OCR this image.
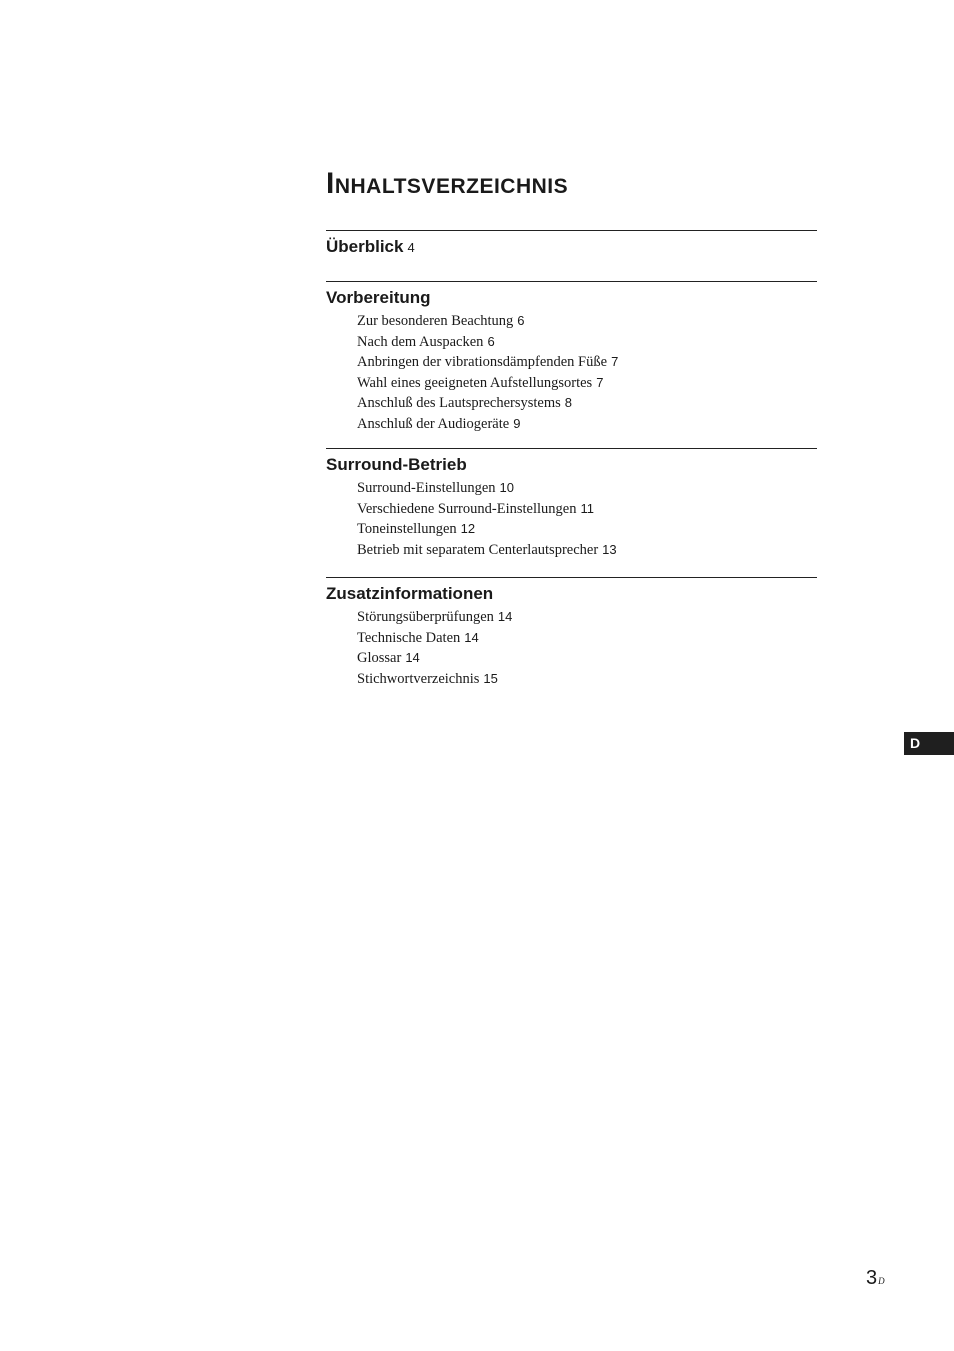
Inhaltsverzeichnis
Überblick 4
Vorbereitung
Zur besonderen Beachtung 6
Nach dem Auspacken 6
Anbringen der vibrationsdämpfenden Füße 7
Wahl eines geeigneten Aufstellungsortes 7
Anschluß des Lautsprechersystems 8
Anschluß der Audiogeräte 9
Surround-Betrieb
Surround-Einstellungen 10
Verschiedene Surround-Einstellungen 11
Toneinstellungen 12
Betrieb mit separatem Centerlautsprecher 13
Zusatzinformationen
Störungsüberprüfungen 14
Technische Daten 14
Glossar 14
Stichwortverzeichnis 15
D
$3^D$
